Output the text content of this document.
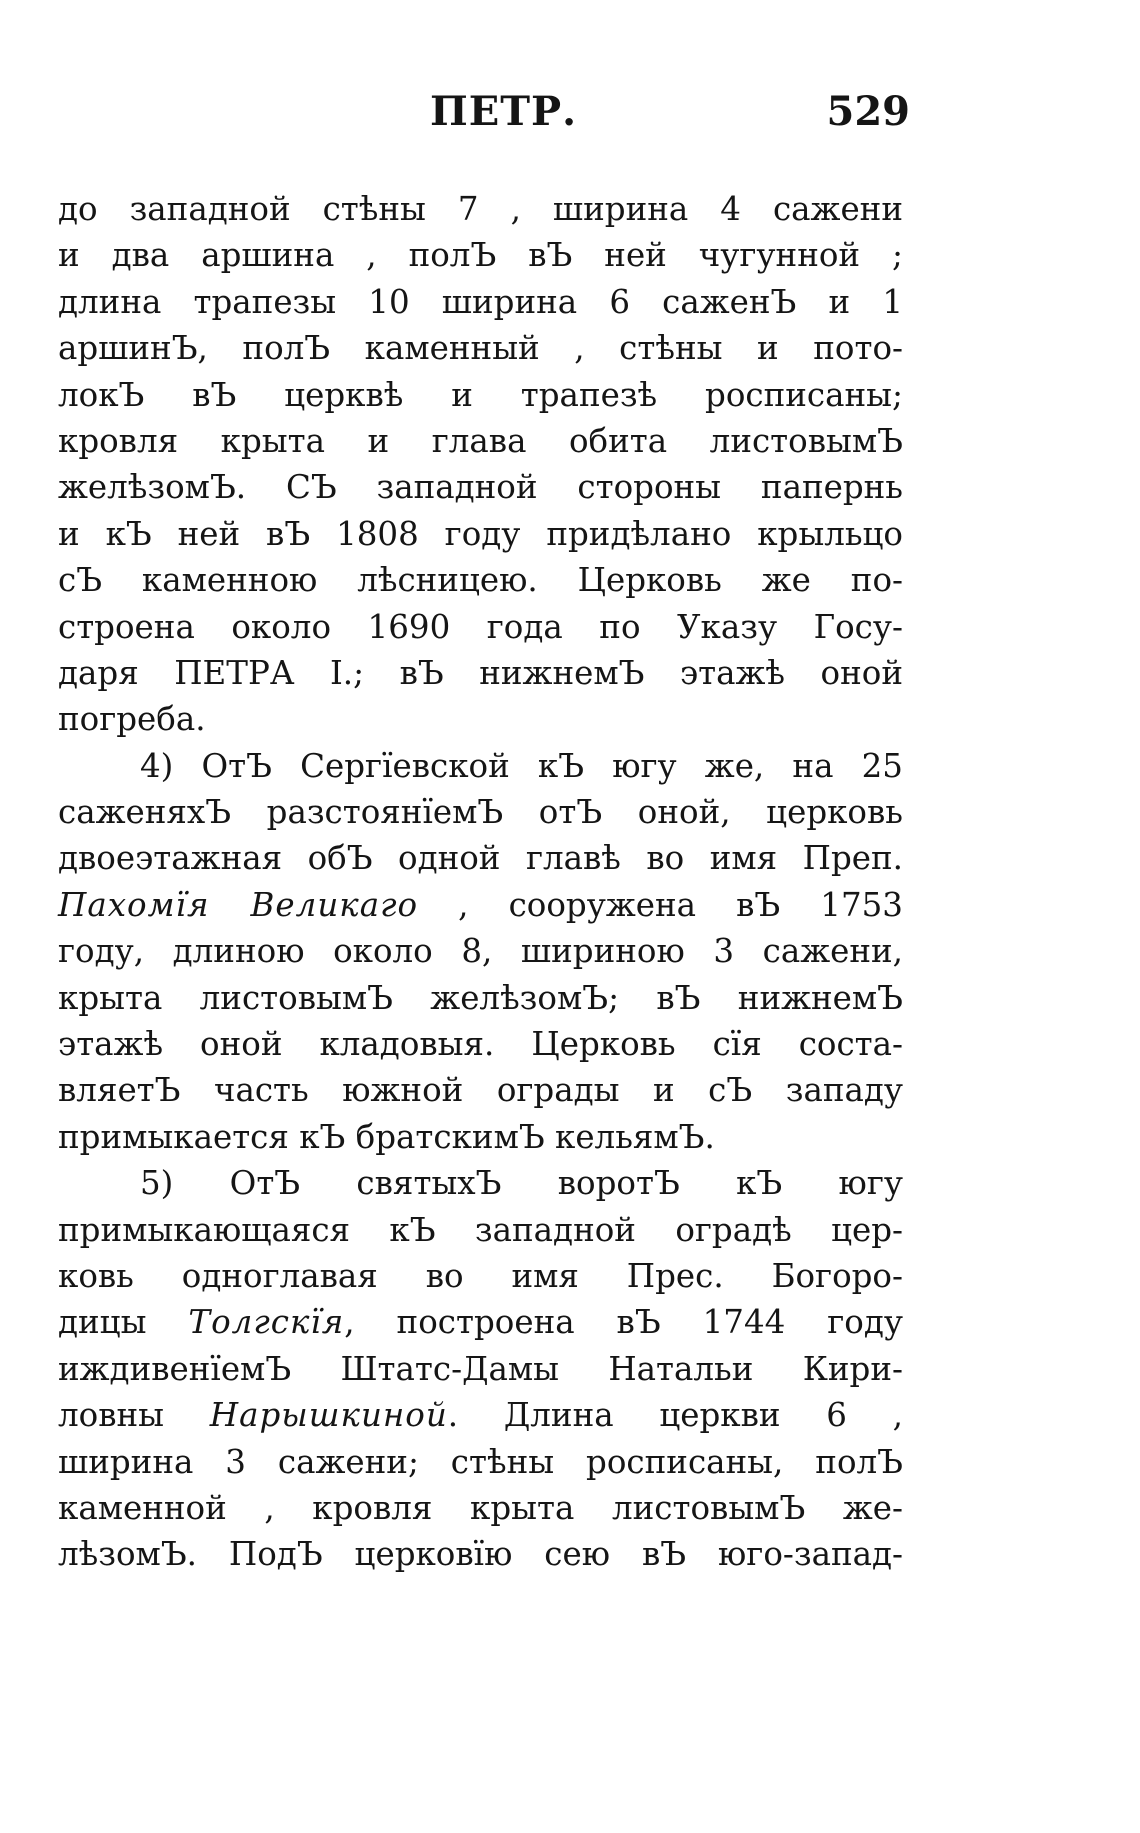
ПЕТР.	529
до западной стѣны 7 , ширина 4 сажени
и два аршина , полЪ вЪ ней чугунной ;
длина трапезы 10 ширина 6 саженЪ и 1
аршинЪ, полЪ каменный , стѣны и пото-
локЪ вЪ церквѣ и трапезѣ росписаны;
кровля крыта и глава обита листовымЪ
желѣзомЪ. СЪ западной стороны папернь
и кЪ ней вЪ 1808 году придѣлано крыльцо
сЪ каменною лѣсницею. Церковь же по-
строена около 1690 года по Указу Госу-
даря ПЕТРА I.; вЪ нижнемЪ этажѣ оной
погреба.
4) ОтЪ Сергїевской кЪ югу же, на 25
саженяхЪ разстоянїемЪ отЪ оной, церковь
двоеэтажная обЪ одной главѣ во имя Преп.
Пахомїя Великаго , сооружена вЪ 1753
году, длиною около 8, шириною 3 сажени,
крыта листовымЪ желѣзомЪ; вЪ нижнемЪ
этажѣ оной кладовыя. Церковь сїя соста-
вляетЪ часть южной ограды и сЪ западу
примыкается кЪ братскимЪ кельямЪ.
5) ОтЪ святыхЪ воротЪ кЪ югу
примыкающаяся кЪ западной оградѣ цер-
ковь одноглавая во имя Прес. Богоро-
дицы Толгскїя, построена вЪ 1744 году
иждивенїемЪ Штатс-Дамы Натальи Кири-
ловны Нарышкиной. Длина церкви 6 ,
ширина 3 сажени; стѣны росписаны, полЪ
каменной , кровля крыта листовымЪ же-
лѣзомЪ. ПодЪ церковїю сею вЪ юго-запад-
